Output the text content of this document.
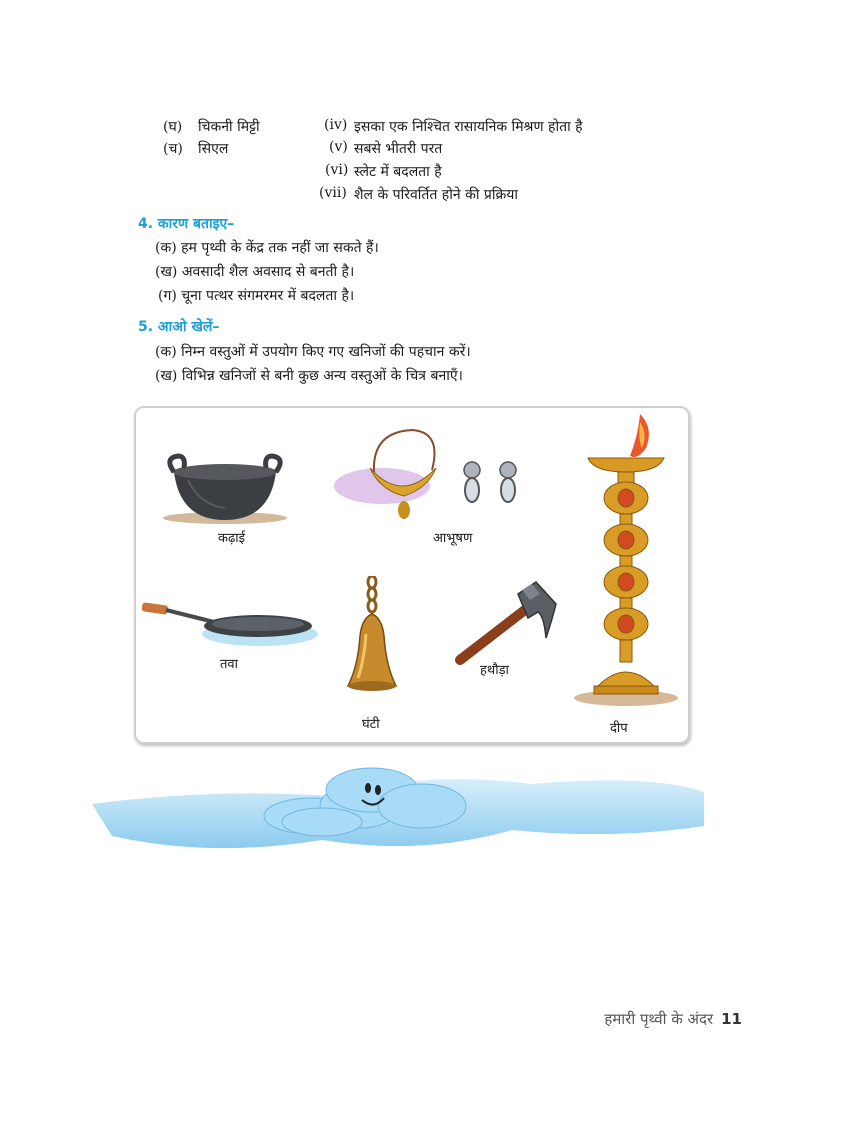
(घ) चिकनी मिट्टी	(iv) इसका एक निश्चित रासायनिक मिश्रण होता है
(च) सिएल	(v) सबसे भीतरी परत
(vi) स्लेट में बदलता है
(vii) शैल के परिवर्तित होने की प्रक्रिया
4. कारण बताइए–
(क) हम पृथ्वी के केंद्र तक नहीं जा सकते हैं।
(ख) अवसादी शैल अवसाद से बनती है।
(ग) चूना पत्थर संगमरमर में बदलता है।
5. आओ खेलें–
(क) निम्न वस्तुओं में उपयोग किए गए खनिजों की पहचान करें।
(ख) विभिन्न खनिजों से बनी कुछ अन्य वस्तुओं के चित्र बनाएँ।
कढ़ाई	आभूषण
तवा
घंटी
हथौड़ा
दीप
हमारी पृथ्वी के अंदर 11
